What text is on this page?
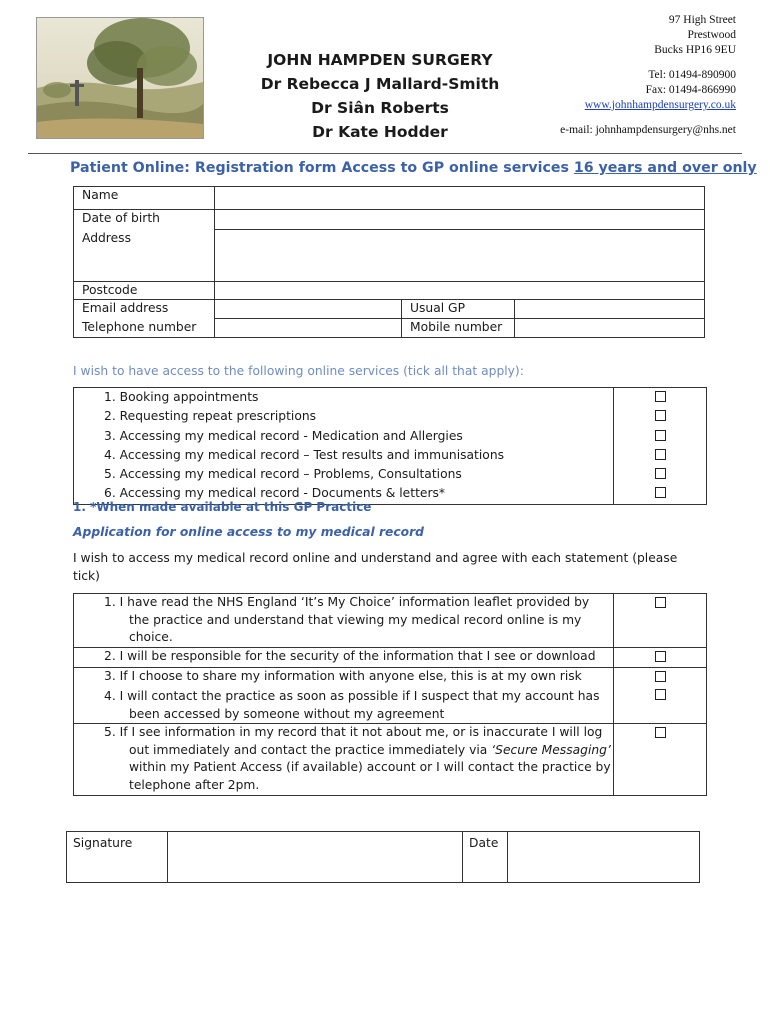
JOHN HAMPDEN SURGERY
Dr Rebecca J Mallard-Smith
Dr Siân Roberts
Dr Kate Hodder
97 High Street
Prestwood
Bucks HP16 9EU
Tel: 01494-890900
Fax: 01494-866990
www.johnhampdensurgery.co.uk
e-mail: johnhampdensurgery@nhs.net
Patient Online: Registration form Access to GP online services 16 years and over only
Name			
Date of birth			
Address			
Postcode			
Email address		Usual GP	
Telephone number		Mobile number	
I wish to have access to the following online services (tick all that apply):
1. Booking appointments	
2. Requesting repeat prescriptions	
3. Accessing my medical record - Medication and Allergies	
4. Accessing my medical record – Test results and immunisations	
5. Accessing my medical record – Problems, Consultations	
6. Accessing my medical record - Documents & letters*	
1. *When made available at this GP Practice
Application for online access to my medical record
I wish to access my medical record online and understand and agree with each statement (please tick)
1. I have read the NHS England ‘It’s My Choice’ information leaflet provided by the practice and understand that viewing my medical record online is my choice.	

2. I will be responsible for the security of the information that I see or download	

3. If I choose to share my information with anyone else, this is at my own risk	

4. I will contact the practice as soon as possible if I suspect that my account has been accessed by someone without my agreement	

5. If I see information in my record that it not about me, or is inaccurate I will log out immediately and contact the practice immediately via ‘Secure Messaging’ within my Patient Access (if available) account or I will contact the practice by telephone after 2pm.	

Signature		Date	
